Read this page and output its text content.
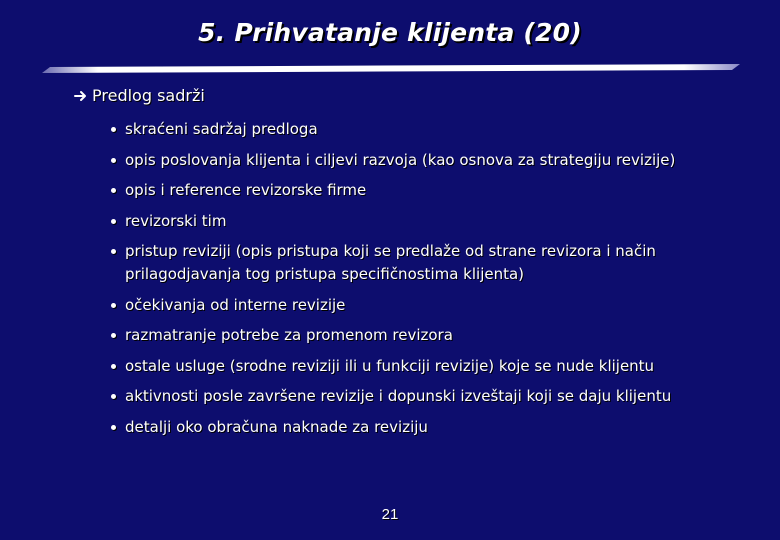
5. Prihvatanje klijenta (20)
Predlog sadrži
skraćeni sadržaj predloga
opis poslovanja klijenta i ciljevi razvoja (kao osnova za strategiju revizije)
opis i reference revizorske firme
revizorski tim
pristup reviziji (opis pristupa koji se predlaže od strane revizora i način prilagodjavanja tog pristupa specifičnostima klijenta)
očekivanja od interne revizije
razmatranje potrebe za promenom revizora
ostale usluge (srodne reviziji ili u funkciji revizije) koje se nude klijentu
aktivnosti posle završene revizije i dopunski izveštaji koji se daju klijentu
detalji oko obračuna naknade za reviziju
21
